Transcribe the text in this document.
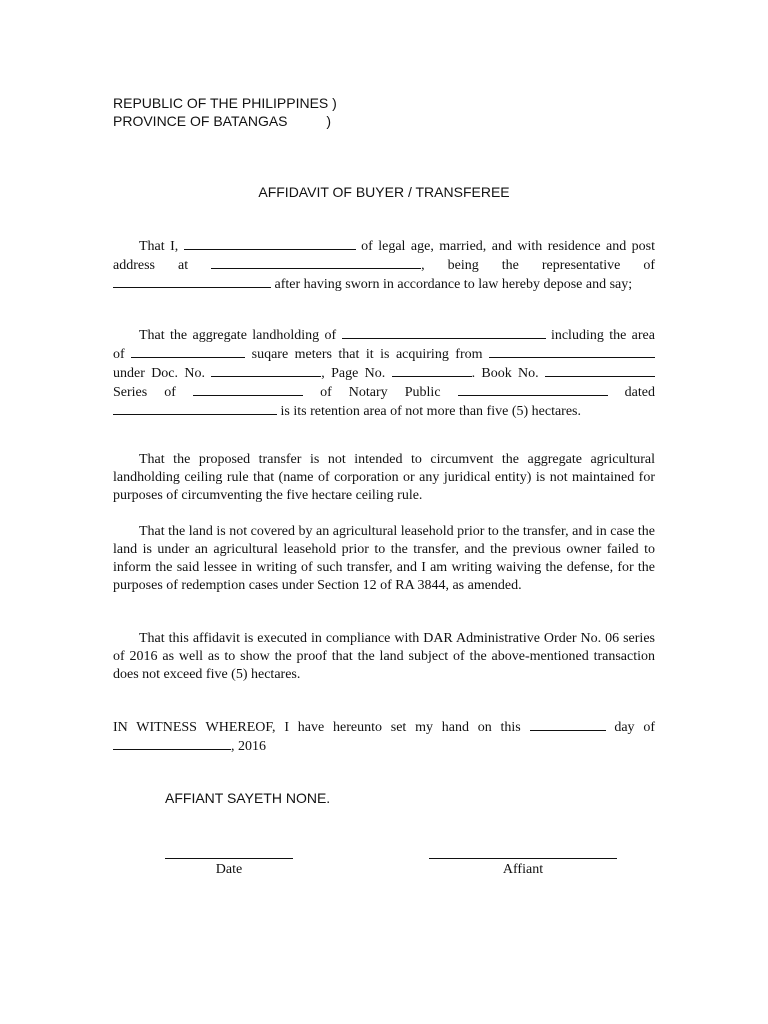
REPUBLIC OF THE PHILIPPINES )
PROVINCE OF BATANGAS          )
AFFIDAVIT OF BUYER / TRANSFEREE

That I,	of legal age, married, and with residence and post address at	, being the representative of  after having sworn in accordance to law hereby depose and say;

That the aggregate landholding of	including the area of	suqare meters that it is acquiring from  under Doc. No.	, Page No.	. Book No.  Series of	of Notary Public	dated  is its retention area of not more than five (5) hectares.

That the proposed transfer is not intended to circumvent the aggregate agricultural landholding ceiling rule that (name of corporation or any juridical entity) is not maintained for purposes of circumventing the five hectare ceiling rule.

That the land is not covered by an agricultural leasehold prior to the transfer, and in case the land is under an agricultural leasehold prior to the transfer, and the previous owner failed to inform the said lessee in writing of such transfer, and I am writing waiving the defense, for the purposes of redemption cases under Section 12 of RA 3844, as amended.

That this affidavit is executed in compliance with DAR Administrative Order No. 06 series of 2016 as well as to show the proof that the land subject of the above-mentioned transaction does not exceed five (5) hectares.

IN WITNESS WHEREOF, I have hereunto set my hand on this	day of , 2016

AFFIANT SAYETH NONE.
Date	Affiant
